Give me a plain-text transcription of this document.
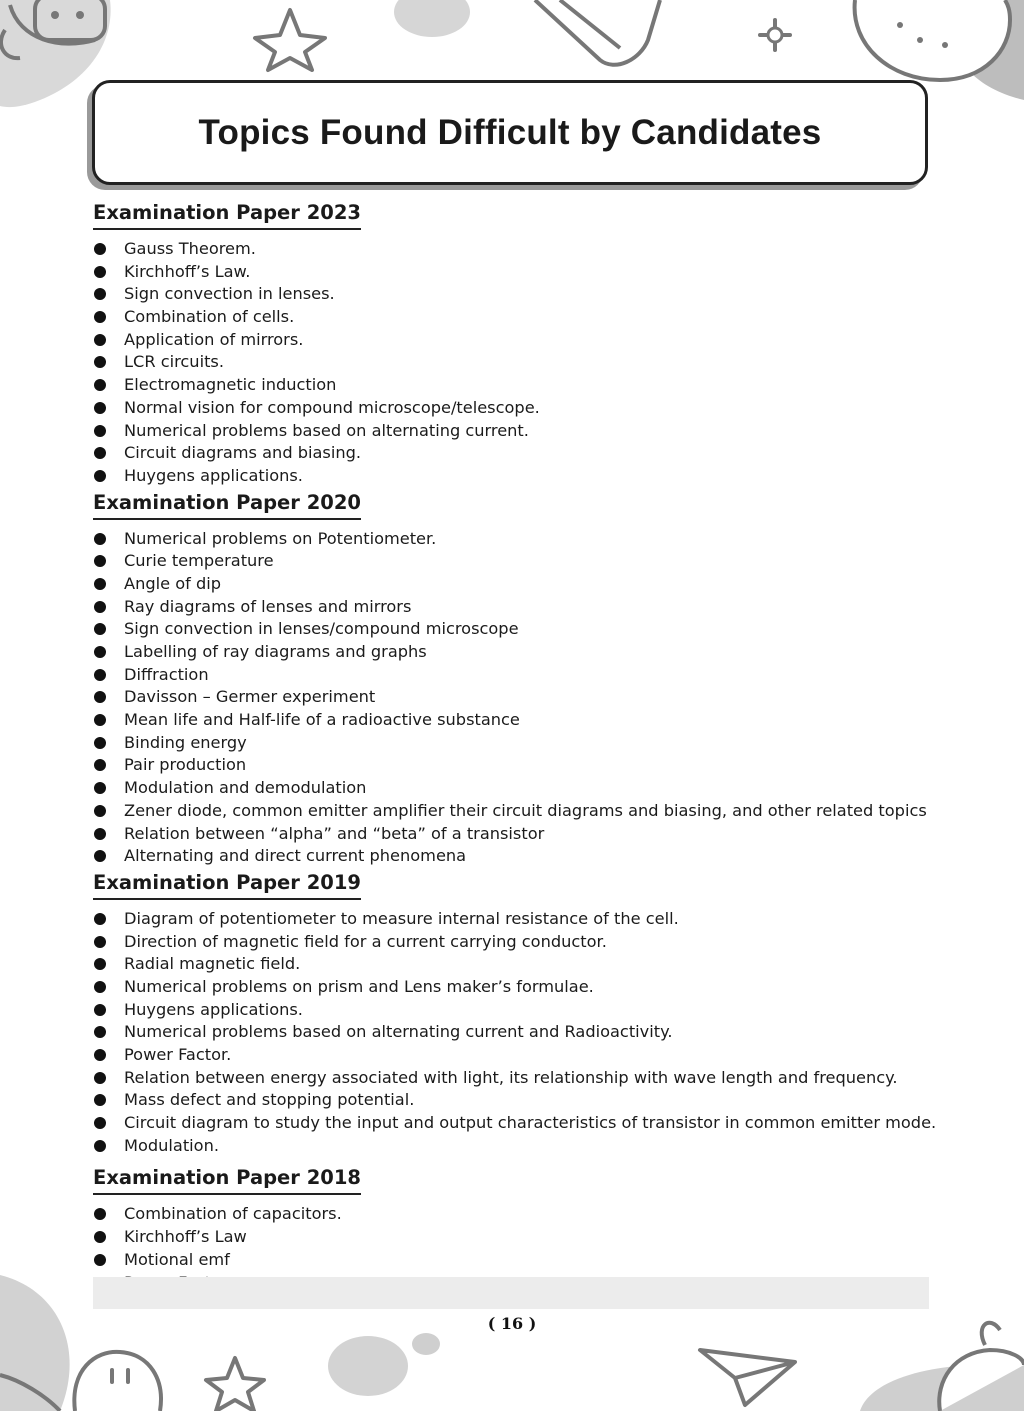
Topics Found Difficult by Candidates
Examination Paper 2023
Gauss Theorem.
Kirchhoff’s Law.
Sign convection in lenses.
Combination of cells.
Application of mirrors.
LCR circuits.
Electromagnetic induction
Normal vision for compound microscope/telescope.
Numerical problems based on alternating current.
Circuit diagrams and biasing.
Huygens applications.
Examination Paper 2020
Numerical problems on Potentiometer.
Curie temperature
Angle of dip
Ray diagrams of lenses and mirrors
Sign convection in lenses/compound microscope
Labelling of ray diagrams and graphs
Diffraction
Davisson – Germer experiment
Mean life and Half-life of a radioactive substance
Binding energy
Pair production
Modulation and demodulation
Zener diode, common emitter amplifier their circuit diagrams and biasing, and other related topics
Relation between “alpha” and “beta” of a transistor
Alternating and direct current phenomena
Examination Paper 2019
Diagram of potentiometer to measure internal resistance of the cell.
Direction of magnetic field for a current carrying conductor.
Radial magnetic field.
Numerical problems on prism and Lens maker’s formulae.
Huygens applications.
Numerical problems based on alternating current and Radioactivity.
Power Factor.
Relation between energy associated with light, its relationship with wave length and frequency.
Mass defect and stopping potential.
Circuit diagram to study the input and output characteristics of transistor in common emitter mode.
Modulation.
Examination Paper 2018
Combination of capacitors.
Kirchhoff’s Law
Motional emf
( 16 )
